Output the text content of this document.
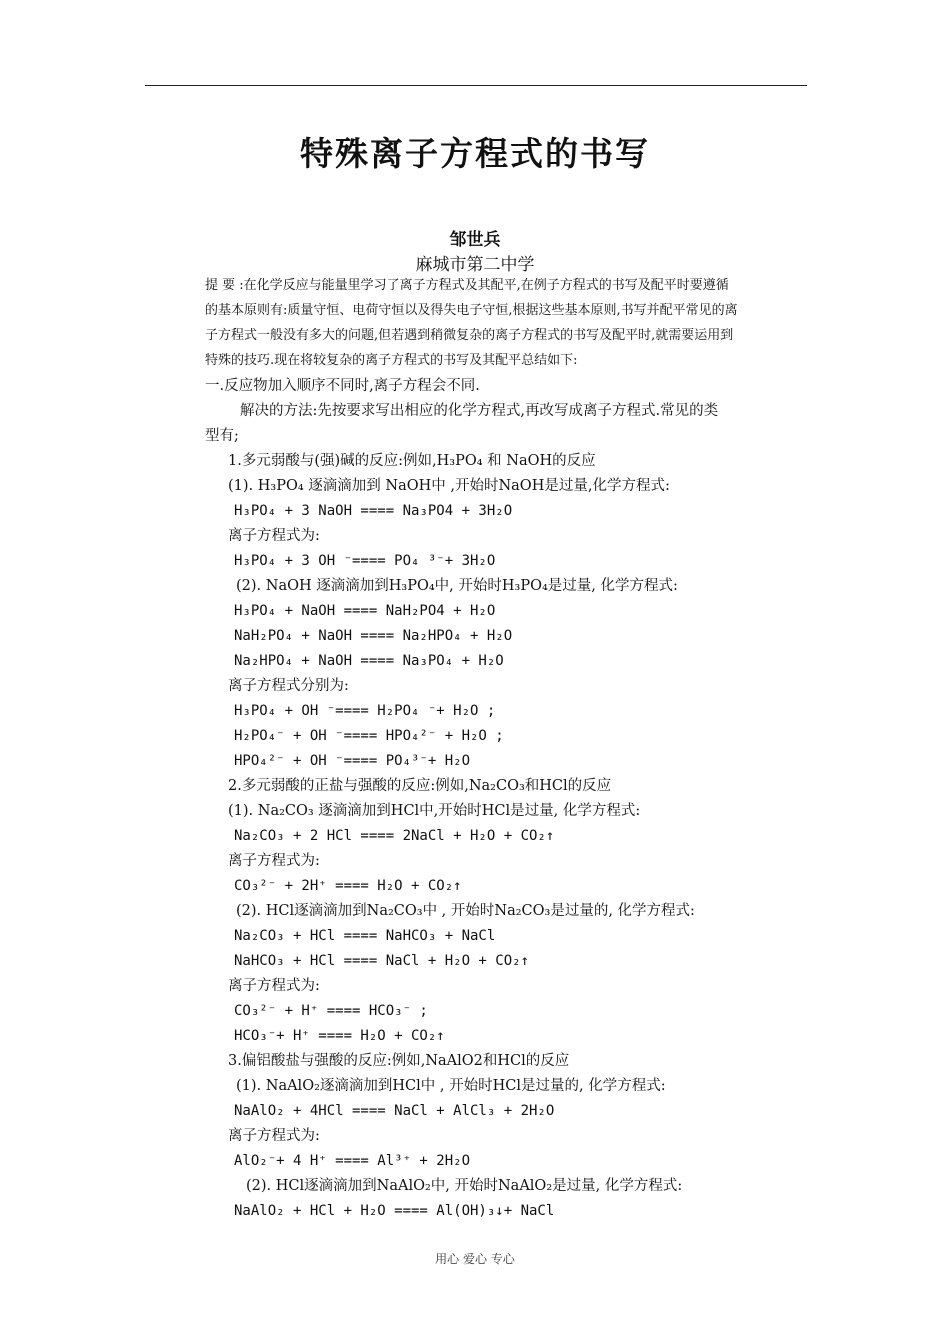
特殊离子方程式的书写
邹世兵
麻城市第二中学
提 要 :在化学反应与能量里学习了离子方程式及其配平,在例子方程式的书写及配平时要遵循
的基本原则有:质量守恒、电荷守恒以及得失电子守恒,根据这些基本原则,书写并配平常见的离
子方程式一般没有多大的问题,但若遇到稍微复杂的离子方程式的书写及配平时,就需要运用到
特殊的技巧.现在将较复杂的离子方程式的书写及其配平总结如下:
一.反应物加入顺序不同时,离子方程会不同.
解决的方法:先按要求写出相应的化学方程式,再改写成离子方程式.常见的类
型有;
1.多元弱酸与(强)碱的反应:例如,H₃PO₄ 和 NaOH的反应
(1). H₃PO₄ 逐滴滴加到 NaOH中 ,开始时NaOH是过量,化学方程式:
H₃PO₄ + 3 NaOH ==== Na₃PO4 + 3H₂O
离子方程式为:
H₃PO₄ + 3 OH ⁻==== PO₄ ³⁻+ 3H₂O
(2). NaOH 逐滴滴加到H₃PO₄中, 开始时H₃PO₄是过量, 化学方程式:
H₃PO₄ + NaOH ==== NaH₂PO4 + H₂O
NaH₂PO₄ + NaOH ==== Na₂HPO₄ + H₂O
Na₂HPO₄ + NaOH ==== Na₃PO₄ + H₂O
离子方程式分别为:
H₃PO₄ + OH ⁻==== H₂PO₄ ⁻+ H₂O ;
H₂PO₄⁻ + OH ⁻==== HPO₄²⁻ + H₂O ;
HPO₄²⁻ + OH ⁻==== PO₄³⁻+ H₂O
2.多元弱酸的正盐与强酸的反应:例如,Na₂CO₃和HCl的反应
(1). Na₂CO₃ 逐滴滴加到HCl中,开始时HCl是过量, 化学方程式:
Na₂CO₃ + 2 HCl ==== 2NaCl + H₂O + CO₂↑
离子方程式为:
CO₃²⁻ + 2H⁺ ==== H₂O + CO₂↑
(2). HCl逐滴滴加到Na₂CO₃中 , 开始时Na₂CO₃是过量的, 化学方程式:
Na₂CO₃ + HCl ==== NaHCO₃ + NaCl
NaHCO₃ + HCl ==== NaCl + H₂O + CO₂↑
离子方程式为:
CO₃²⁻ + H⁺ ==== HCO₃⁻ ;
HCO₃⁻+ H⁺ ==== H₂O + CO₂↑
3.偏铝酸盐与强酸的反应:例如,NaAlO2和HCl的反应
(1). NaAlO₂逐滴滴加到HCl中 , 开始时HCl是过量的, 化学方程式:
NaAlO₂ + 4HCl ==== NaCl + AlCl₃ + 2H₂O
离子方程式为:
AlO₂⁻+ 4 H⁺ ==== Al³⁺ + 2H₂O
(2). HCl逐滴滴加到NaAlO₂中, 开始时NaAlO₂是过量, 化学方程式:
NaAlO₂ + HCl + H₂O ==== Al(OH)₃↓+ NaCl
用心 爱心 专心
